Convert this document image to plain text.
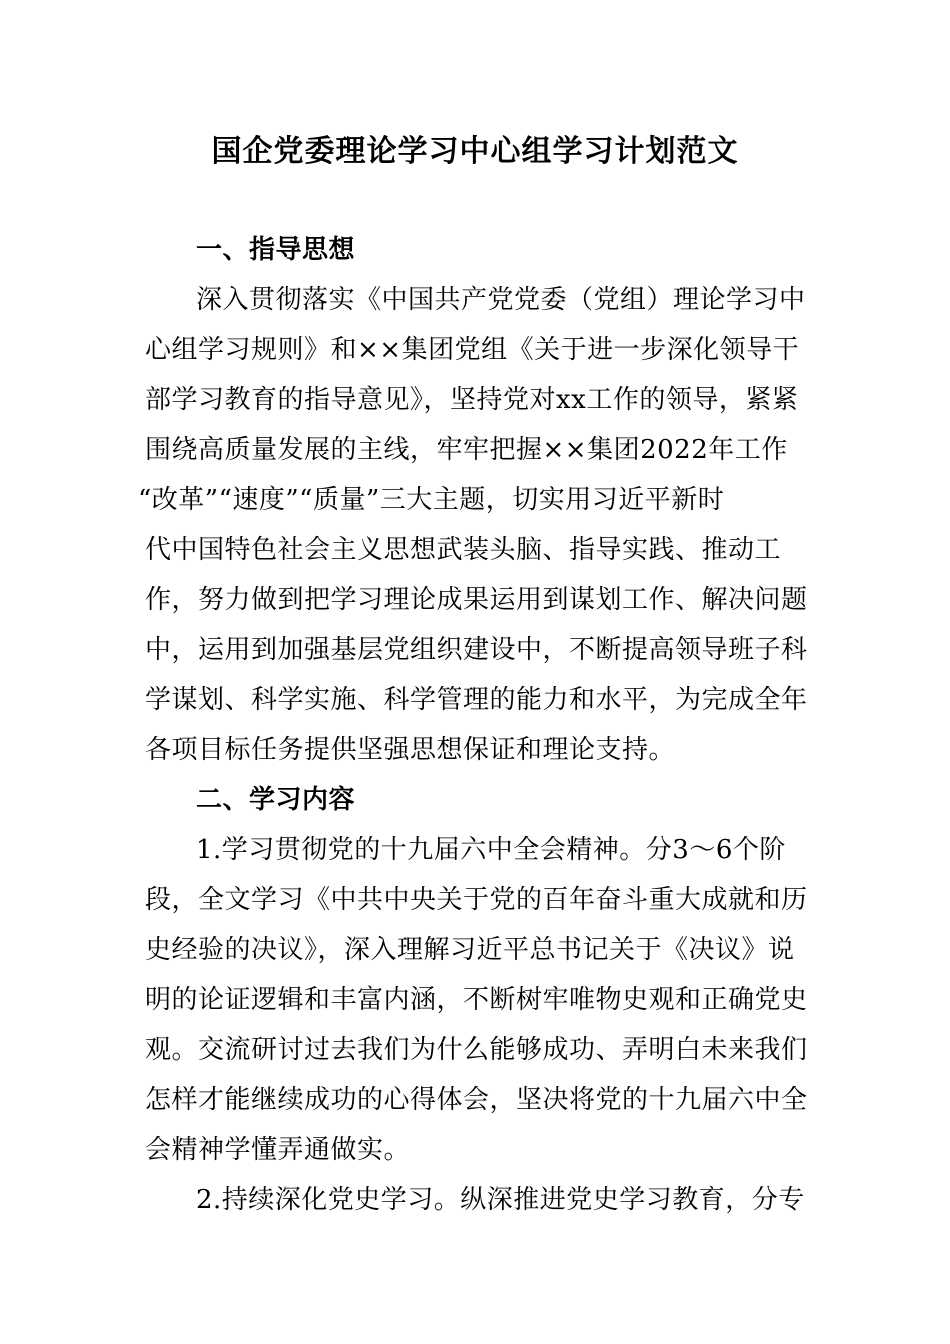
国企党委理论学习中心组学习计划范文
一、指导思想
深入贯彻落实《中国共产党党委（党组）理论学习中
心组学习规则》和××集团党组《关于进一步深化领导干
部学习教育的指导意见》，坚持党对xx工作的领导，紧紧
围绕高质量发展的主线，牢牢把握××集团2022年工作
“改革”“速度”“质量”三大主题，切实用习近平新时
代中国特色社会主义思想武装头脑、指导实践、推动工
作，努力做到把学习理论成果运用到谋划工作、解决问题
中，运用到加强基层党组织建设中，不断提高领导班子科
学谋划、科学实施、科学管理的能力和水平，为完成全年
各项目标任务提供坚强思想保证和理论支持。
二、学习内容
1.学习贯彻党的十九届六中全会精神。分3～6个阶
段，全文学习《中共中央关于党的百年奋斗重大成就和历
史经验的决议》，深入理解习近平总书记关于《决议》说
明的论证逻辑和丰富内涵，不断树牢唯物史观和正确党史
观。交流研讨过去我们为什么能够成功、弄明白未来我们
怎样才能继续成功的心得体会，坚决将党的十九届六中全
会精神学懂弄通做实。
2.持续深化党史学习。纵深推进党史学习教育，分专
